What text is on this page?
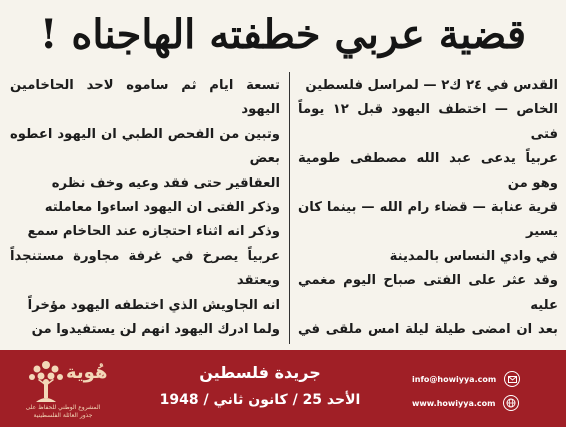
قضية عربي خطفته الهاجناه !

القدس في ٢٤ ك٢ — لمراسل فلسطين

الخاص — اختطف اليهود قبل ١٢ يوماً فتى

عربياً يدعى عبد الله مصطفى طومية وهو من

قرية عنابة — قضاء رام الله — بينما كان يسير

في وادي النساس بالمدينة

وقد عثر على الفتى صباح اليوم مغمي عليه

بعد ان امضى طيلة ليلة امس ملقى في

تسعة ايام ثم ساموه لاحد الحاخامين اليهود

وتبين من الفحص الطبي ان اليهود اعطوه بعض

العقاقير حتى فقد وعيه وخف نظره

وذكر الفتى ان اليهود اساءوا معاملته

وذكر انه اثناء احتجازه عند الحاخام سمع

عربياً يصرخ في غرفة مجاورة مستنجداً ويعتقد

انه الجاويش الذي اختطفه اليهود مؤخراً

ولما ادرك اليهود انهم لن يستفيدوا من

هُوية
المشروع الوطني للحفاظ على
جذور العائلة الفلسطينية
جريدة فلسطين
الأحد 25 / كانون ثاني / 1948
info@howiyya.com
www.howiyya.com
